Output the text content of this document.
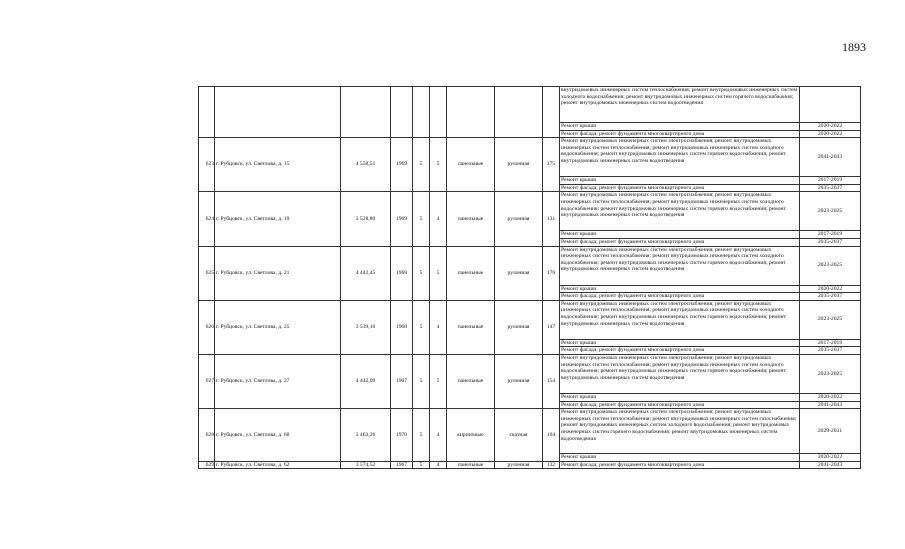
1893
									внутридомовых инженерных систем теплоснабжения; ремонт внутридомовых инженерных систем холодного водоснабжения; ремонт внутридомовых инженерных систем горячего водоснабжения; ремонт внутридомовых инженерных систем водоотведения	
									Ремонт крыши	2020-2022
									Ремонт фасада; ремонт фундамента многоквартирного дома	2020-2022
623	г. Рубцовск, ул. Светлова, д. 15	4 558,51	1969	5	5	панельные	рулонная	175	Ремонт внутридомовых инженерных систем электроснабжения; ремонт внутридомовых инженерных систем теплоснабжения; ремонт внутридомовых инженерных систем холодного водоснабжения; ремонт внутридомовых инженерных систем горячего водоснабжения; ремонт внутридомовых инженерных систем водоотведения	2041-2043
									Ремонт крыши	2017-2019
									Ремонт фасада; ремонт фундамента многоквартирного дома	2035-2037
624	г. Рубцовск, ул. Светлова, д. 19	3 528,80	1969	5	4	панельные	рулонная	131	Ремонт внутридомовых инженерных систем электроснабжения; ремонт внутридомовых инженерных систем теплоснабжения; ремонт внутридомовых инженерных систем холодного водоснабжения; ремонт внутридомовых инженерных систем горячего водоснабжения; ремонт внутридомовых инженерных систем водоотведения	2023-2025
									Ремонт крыши	2017-2019
									Ремонт фасада; ремонт фундамента многоквартирного дома	2035-2037
625	г. Рубцовск, ул. Светлова, д. 21	4 442,45	1968	5	5	панельные	рулонная	176	Ремонт внутридомовых инженерных систем электроснабжения; ремонт внутридомовых инженерных систем теплоснабжения; ремонт внутридомовых инженерных систем холодного водоснабжения; ремонт внутридомовых инженерных систем горячего водоснабжения; ремонт внутридомовых инженерных систем водоотведения	2023-2025
									Ремонт крыши	2020-2022
									Ремонт фасада; ремонт фундамента многоквартирного дома	2035-2037
626	г. Рубцовск, ул. Светлова, д. 25	3 539,10	1968	5	4	панельные	рулонная	147	Ремонт внутридомовых инженерных систем электроснабжения; ремонт внутридомовых инженерных систем теплоснабжения; ремонт внутридомовых инженерных систем холодного водоснабжения; ремонт внутридомовых инженерных систем горячего водоснабжения; ремонт внутридомовых инженерных систем водоотведения	2023-2025
									Ремонт крыши	2017-2019
									Ремонт фасада; ремонт фундамента многоквартирного дома	2035-2037
627	г. Рубцовск, ул. Светлова, д. 27	4 442,09	1967	5	5	панельные	рулонная	154	Ремонт внутридомовых инженерных систем электроснабжения; ремонт внутридомовых инженерных систем теплоснабжения; ремонт внутридомовых инженерных систем холодного водоснабжения; ремонт внутридомовых инженерных систем горячего водоснабжения; ремонт внутридомовых инженерных систем водоотведения	2023-2025
									Ремонт крыши	2020-2022
									Ремонт фасада; ремонт фундамента многоквартирного дома	2041-2043
628	г. Рубцовск, ул. Светлова, д. 60	3 463,26	1970	5	4	кирпичные	скатная	104	Ремонт внутридомовых инженерных систем электроснабжения; ремонт внутридомовых инженерных систем теплоснабжения; ремонт внутридомовых инженерных систем газоснабжения; ремонт внутридомовых инженерных систем холодного водоснабжения; ремонт внутридомовых инженерных систем горячего водоснабжения; ремонт внутридомовых инженерных систем водоотведения	2029-2031
									Ремонт крыши	2020-2022
629	г. Рубцовск, ул. Светлова, д. 62	3 574,52	1967	5	4	панельные	рулонная	132	Ремонт фасада; ремонт фундамента многоквартирного дома	2041-2043
